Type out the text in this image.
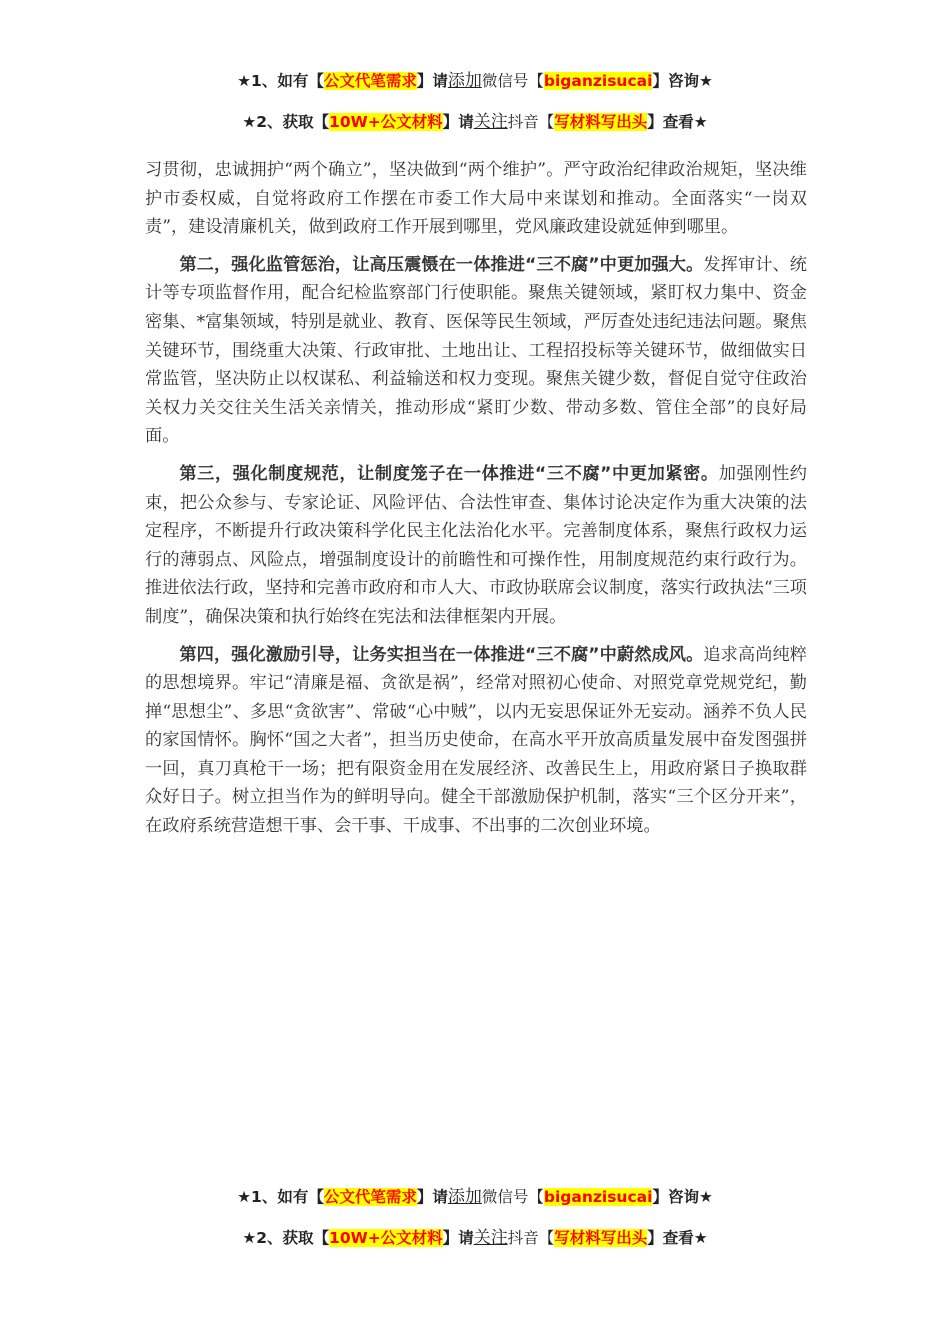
★1、如有【公文代笔需求】请添加微信号【biganzisucai】咨询★
★2、获取【10W+公文材料】请关注抖音【写材料写出头】查看★

习贯彻，忠诚拥护“两个确立”，坚决做到“两个维护”。严守政治纪律政治规矩，坚决维护市委权威，自觉将政府工作摆在市委工作大局中来谋划和推动。全面落实“一岗双责”，建设清廉机关，做到政府工作开展到哪里，党风廉政建设就延伸到哪里。

第二，强化监管惩治，让高压震慑在一体推进“三不腐”中更加强大。发挥审计、统计等专项监督作用，配合纪检监察部门行使职能。聚焦关键领域，紧盯权力集中、资金密集、*富集领域，特别是就业、教育、医保等民生领域，严厉查处违纪违法问题。聚焦关键环节，围绕重大决策、行政审批、土地出让、工程招投标等关键环节，做细做实日常监管，坚决防止以权谋私、利益输送和权力变现。聚焦关键少数，督促自觉守住政治关权力关交往关生活关亲情关，推动形成“紧盯少数、带动多数、管住全部”的良好局面。

第三，强化制度规范，让制度笼子在一体推进“三不腐”中更加紧密。加强刚性约束，把公众参与、专家论证、风险评估、合法性审查、集体讨论决定作为重大决策的法定程序，不断提升行政决策科学化民主化法治化水平。完善制度体系，聚焦行政权力运行的薄弱点、风险点，增强制度设计的前瞻性和可操作性，用制度规范约束行政行为。推进依法行政，坚持和完善市政府和市人大、市政协联席会议制度，落实行政执法“三项制度”，确保决策和执行始终在宪法和法律框架内开展。

第四，强化激励引导，让务实担当在一体推进“三不腐”中蔚然成风。追求高尚纯粹的思想境界。牢记“清廉是福、贪欲是祸”，经常对照初心使命、对照党章党规党纪，勤掸“思想尘”、多思“贪欲害”、常破“心中贼”，以内无妄思保证外无妄动。涵养不负人民的家国情怀。胸怀“国之大者”，担当历史使命，在高水平开放高质量发展中奋发图强拼一回，真刀真枪干一场；把有限资金用在发展经济、改善民生上，用政府紧日子换取群众好日子。树立担当作为的鲜明导向。健全干部激励保护机制，落实“三个区分开来”，在政府系统营造想干事、会干事、干成事、不出事的二次创业环境。

★1、如有【公文代笔需求】请添加微信号【biganzisucai】咨询★
★2、获取【10W+公文材料】请关注抖音【写材料写出头】查看★
